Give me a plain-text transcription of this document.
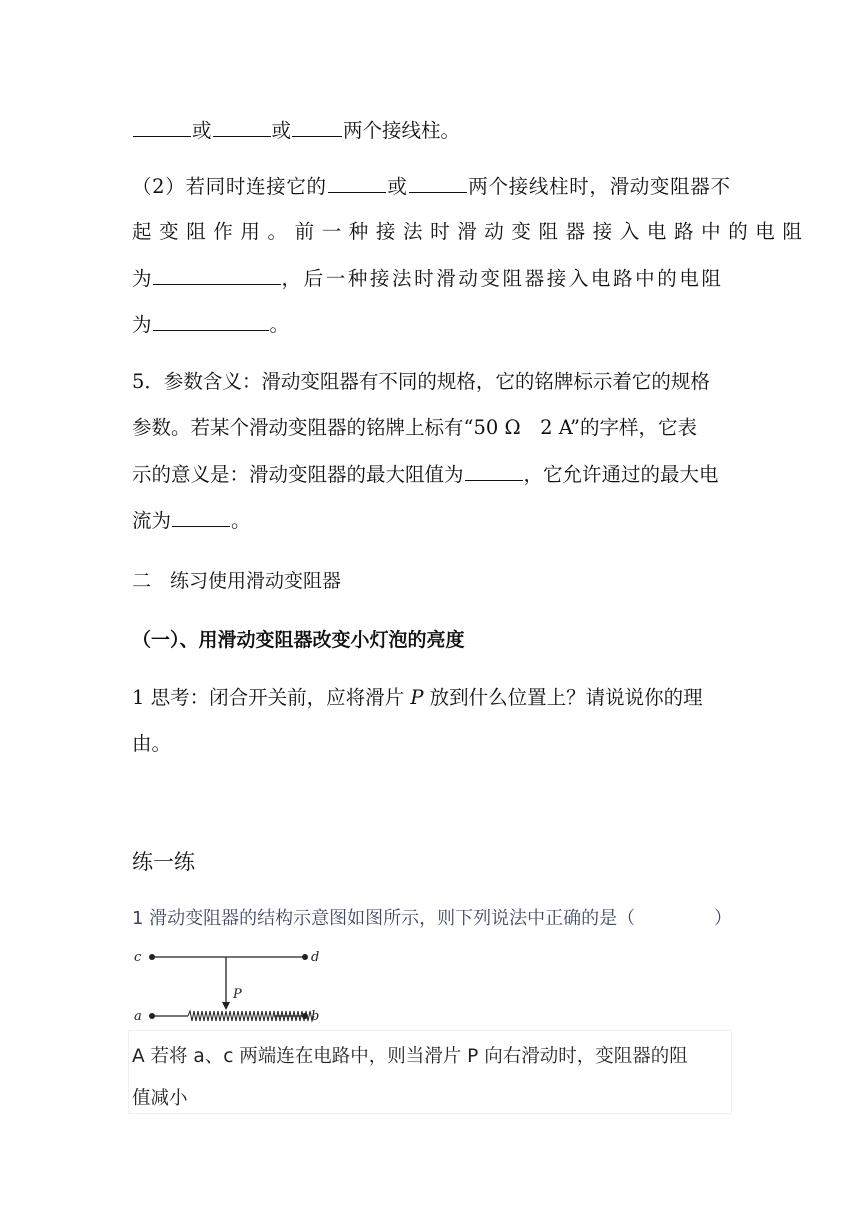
或	或	两个接线柱。
（2）若同时连接它的	或	两个接线柱时，滑动变阻器不
起变阻作用。前一种接法时滑动变阻器接入电路中的电阻
为	，后一种接法时滑动变阻器接入电路中的电阻
为	。
5．参数含义：滑动变阻器有不同的规格，它的铭牌标示着它的规格
参数。若某个滑动变阻器的铭牌上标有“50 Ω　2 A”的字样，它表
示的意义是：滑动变阻器的最大阻值为	，它允许通过的最大电
流为	。
二　练习使用滑动变阻器
（一）、用滑动变阻器改变小灯泡的亮度
1 思考：闭合开关前，应将滑片 P 放到什么位置上？请说说你的理
由。
练一练
1 滑动变阻器的结构示意图如图所示，则下列说法中正确的是（	）
c	d
P
a	b
A 若将 a、c 两端连在电路中，则当滑片 P 向右滑动时，变阻器的阻
值减小
